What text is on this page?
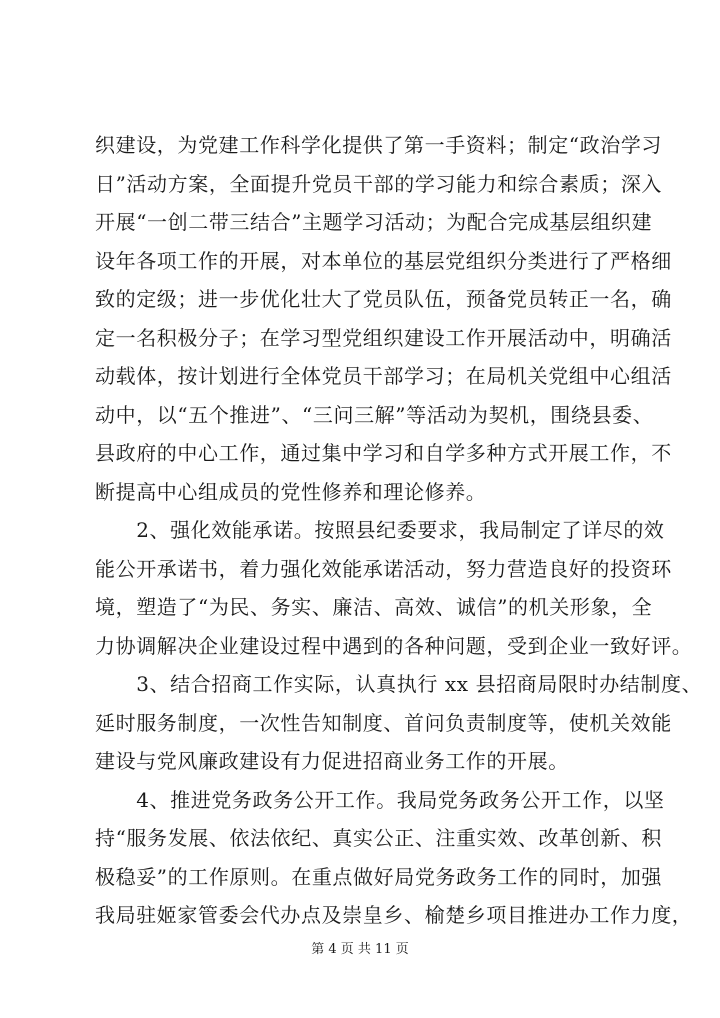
织建设，为党建工作科学化提供了第一手资料；制定“政治学习
日”活动方案，全面提升党员干部的学习能力和综合素质；深入
开展“一创二带三结合”主题学习活动；为配合完成基层组织建
设年各项工作的开展，对本单位的基层党组织分类进行了严格细
致的定级；进一步优化壮大了党员队伍，预备党员转正一名，确
定一名积极分子；在学习型党组织建设工作开展活动中，明确活
动载体，按计划进行全体党员干部学习；在局机关党组中心组活
动中，以“五个推进”、“三问三解”等活动为契机，围绕县委、
县政府的中心工作，通过集中学习和自学多种方式开展工作，不
断提高中心组成员的党性修养和理论修养。
　　2、强化效能承诺。按照县纪委要求，我局制定了详尽的效
能公开承诺书，着力强化效能承诺活动，努力营造良好的投资环
境，塑造了“为民、务实、廉洁、高效、诚信”的机关形象，全
力协调解决企业建设过程中遇到的各种问题，受到企业一致好评。
　　3、结合招商工作实际，认真执行 xx 县招商局限时办结制度、
延时服务制度，一次性告知制度、首问负责制度等，使机关效能
建设与党风廉政建设有力促进招商业务工作的开展。
　　4、推进党务政务公开工作。我局党务政务公开工作，以坚
持“服务发展、依法依纪、真实公正、注重实效、改革创新、积
极稳妥”的工作原则。在重点做好局党务政务工作的同时，加强
我局驻姬家管委会代办点及崇皇乡、榆楚乡项目推进办工作力度，
第 4 页 共 11 页
